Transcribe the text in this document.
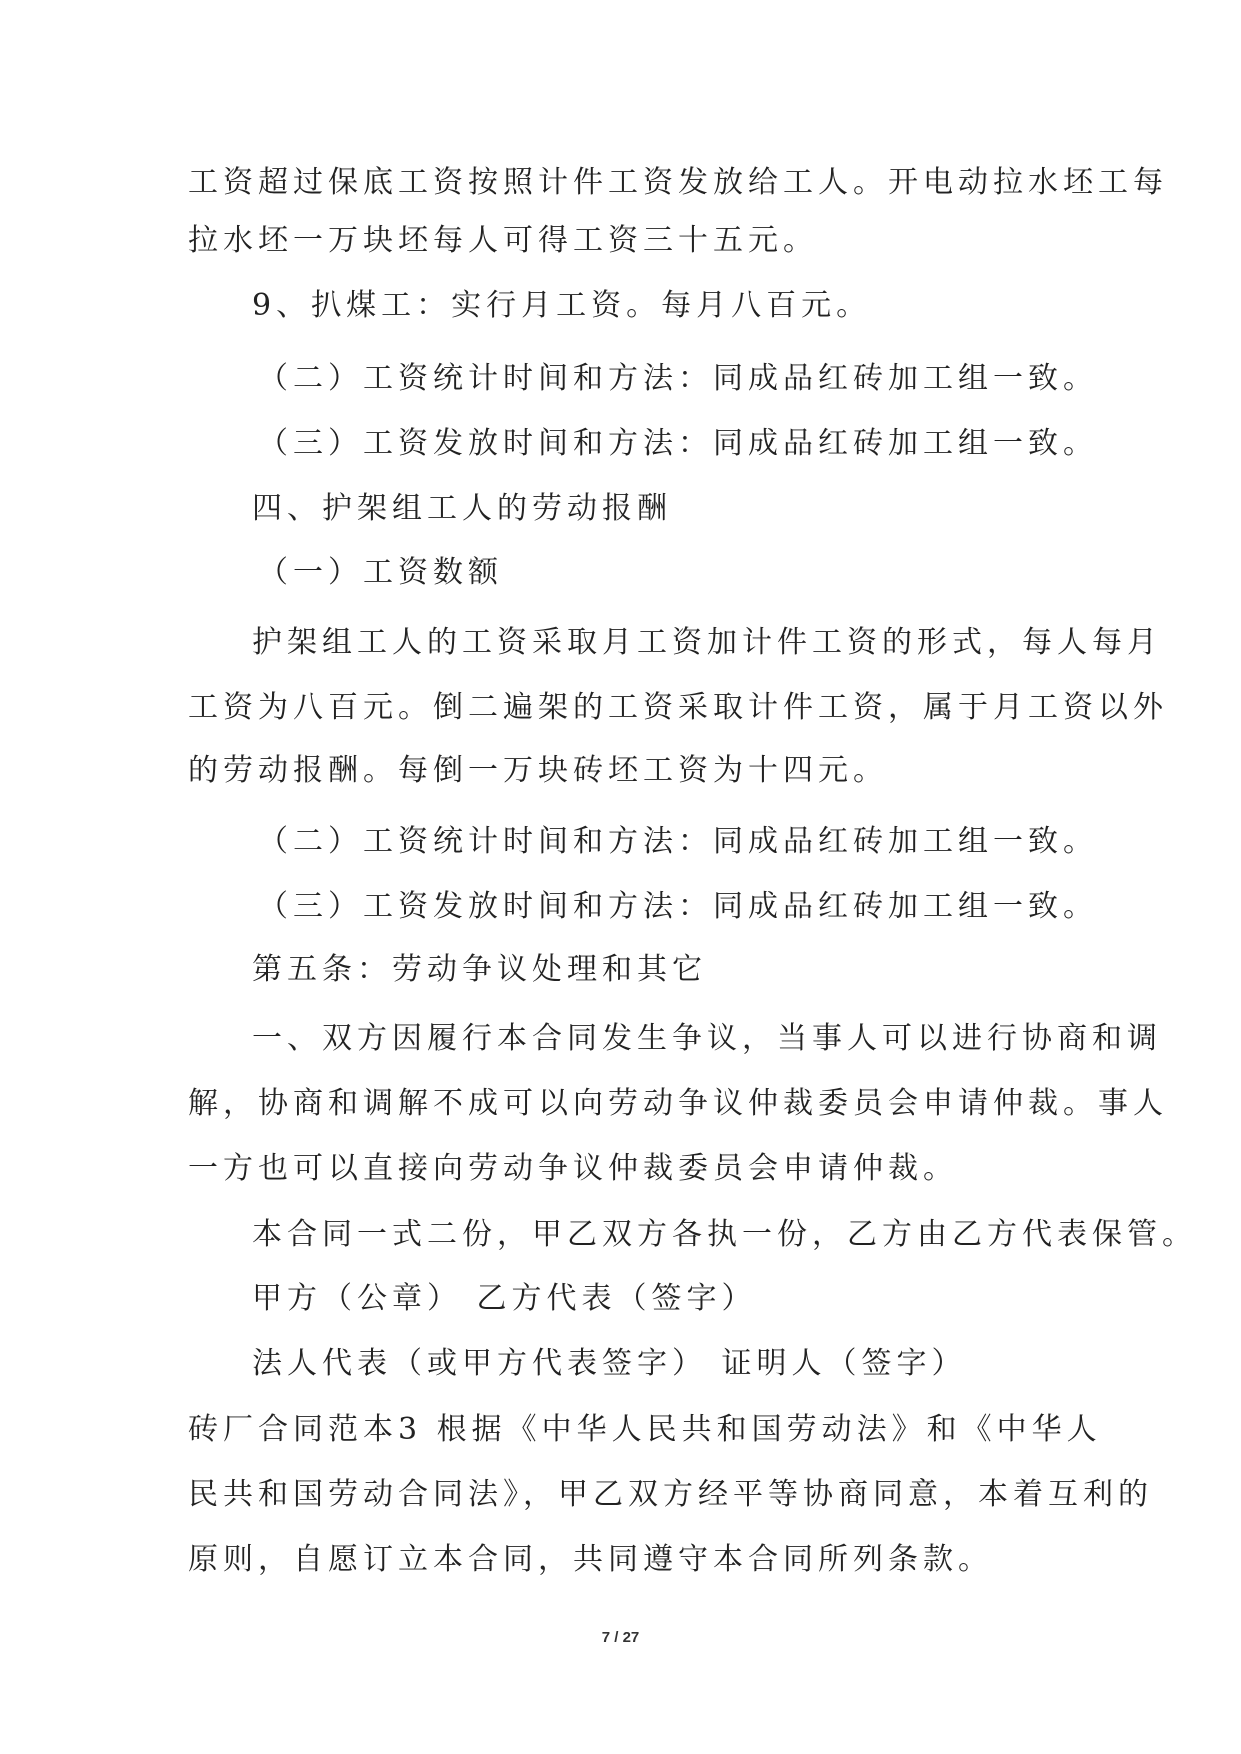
工资超过保底工资按照计件工资发放给工人。开电动拉水坯工每
拉水坯一万块坯每人可得工资三十五元。
9、扒煤工：实行月工资。每月八百元。
（二）工资统计时间和方法：同成品红砖加工组一致。
（三）工资发放时间和方法：同成品红砖加工组一致。
四、护架组工人的劳动报酬
（一）工资数额
护架组工人的工资采取月工资加计件工资的形式，每人每月
工资为八百元。倒二遍架的工资采取计件工资，属于月工资以外
的劳动报酬。每倒一万块砖坯工资为十四元。
（二）工资统计时间和方法：同成品红砖加工组一致。
（三）工资发放时间和方法：同成品红砖加工组一致。
第五条：劳动争议处理和其它
一、双方因履行本合同发生争议，当事人可以进行协商和调
解，协商和调解不成可以向劳动争议仲裁委员会申请仲裁。事人
一方也可以直接向劳动争议仲裁委员会申请仲裁。
本合同一式二份，甲乙双方各执一份，乙方由乙方代表保管。
甲方（公章） 乙方代表（签字）
法人代表（或甲方代表签字） 证明人（签字）
砖厂合同范本3 根据《中华人民共和国劳动法》和《中华人
民共和国劳动合同法》，甲乙双方经平等协商同意，本着互利的
原则，自愿订立本合同，共同遵守本合同所列条款。
7 / 27
